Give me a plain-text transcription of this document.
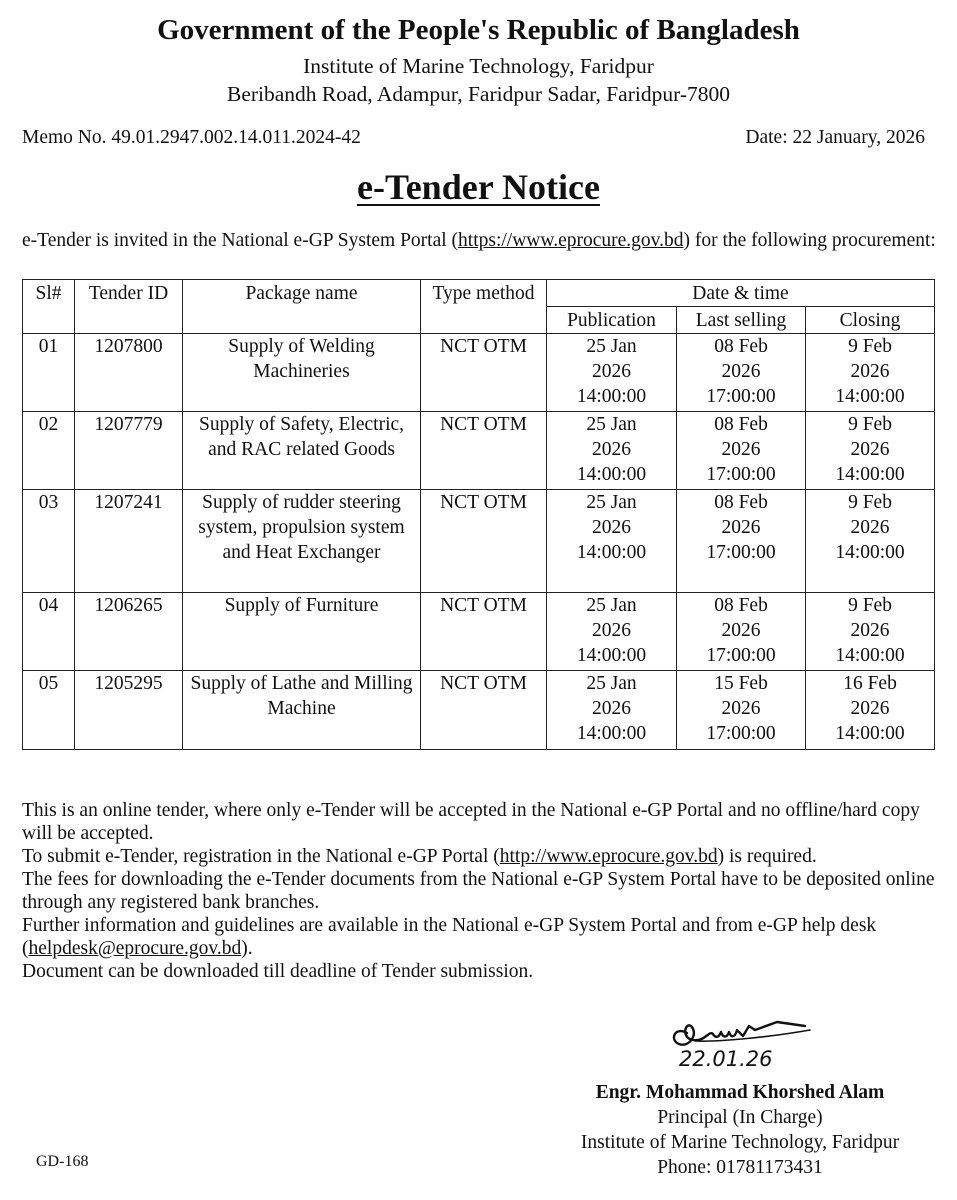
Government of the People's Republic of Bangladesh
Institute of Marine Technology, Faridpur
Beribandh Road, Adampur, Faridpur Sadar, Faridpur-7800
Memo No. 49.01.2947.002.14.011.2024-42	Date: 22 January, 2026
e-Tender Notice
e-Tender is invited in the National e-GP System Portal (https://www.eprocure.gov.bd) for the following procurement:
Sl#	Tender ID	Package name	Type method	Date & time		
				Publication	Last selling	Closing
01	1207800	Supply of Welding Machineries	NCT OTM	25 Jan
2026
14:00:00	08 Feb
2026
17:00:00	9 Feb
2026
14:00:00
02	1207779	Supply of Safety, Electric, and RAC related Goods	NCT OTM	25 Jan
2026
14:00:00	08 Feb
2026
17:00:00	9 Feb
2026
14:00:00
03	1207241	Supply of rudder steering system, propulsion system and Heat Exchanger	NCT OTM	25 Jan
2026
14:00:00	08 Feb
2026
17:00:00	9 Feb
2026
14:00:00
04	1206265	Supply of Furniture	NCT OTM	25 Jan
2026
14:00:00	08 Feb
2026
17:00:00	9 Feb
2026
14:00:00
05	1205295	Supply of Lathe and Milling Machine	NCT OTM	25 Jan
2026
14:00:00	15 Feb
2026
17:00:00	16 Feb
2026
14:00:00

This is an online tender, where only e-Tender will be accepted in the National e-GP Portal and no offline/hard copy will be accepted.

To submit e-Tender, registration in the National e-GP Portal (http://www.eprocure.gov.bd) is required.

The fees for downloading the e-Tender documents from the National e-GP System Portal have to be deposited online through any registered bank branches.

Further information and guidelines are available in the National e-GP System Portal and from e-GP help desk (helpdesk@eprocure.gov.bd).

Document can be downloaded till deadline of Tender submission.

22.01.26
Engr. Mohammad Khorshed Alam
Principal (In Charge)
Institute of Marine Technology, Faridpur
Phone: 01781173431
GD-168
